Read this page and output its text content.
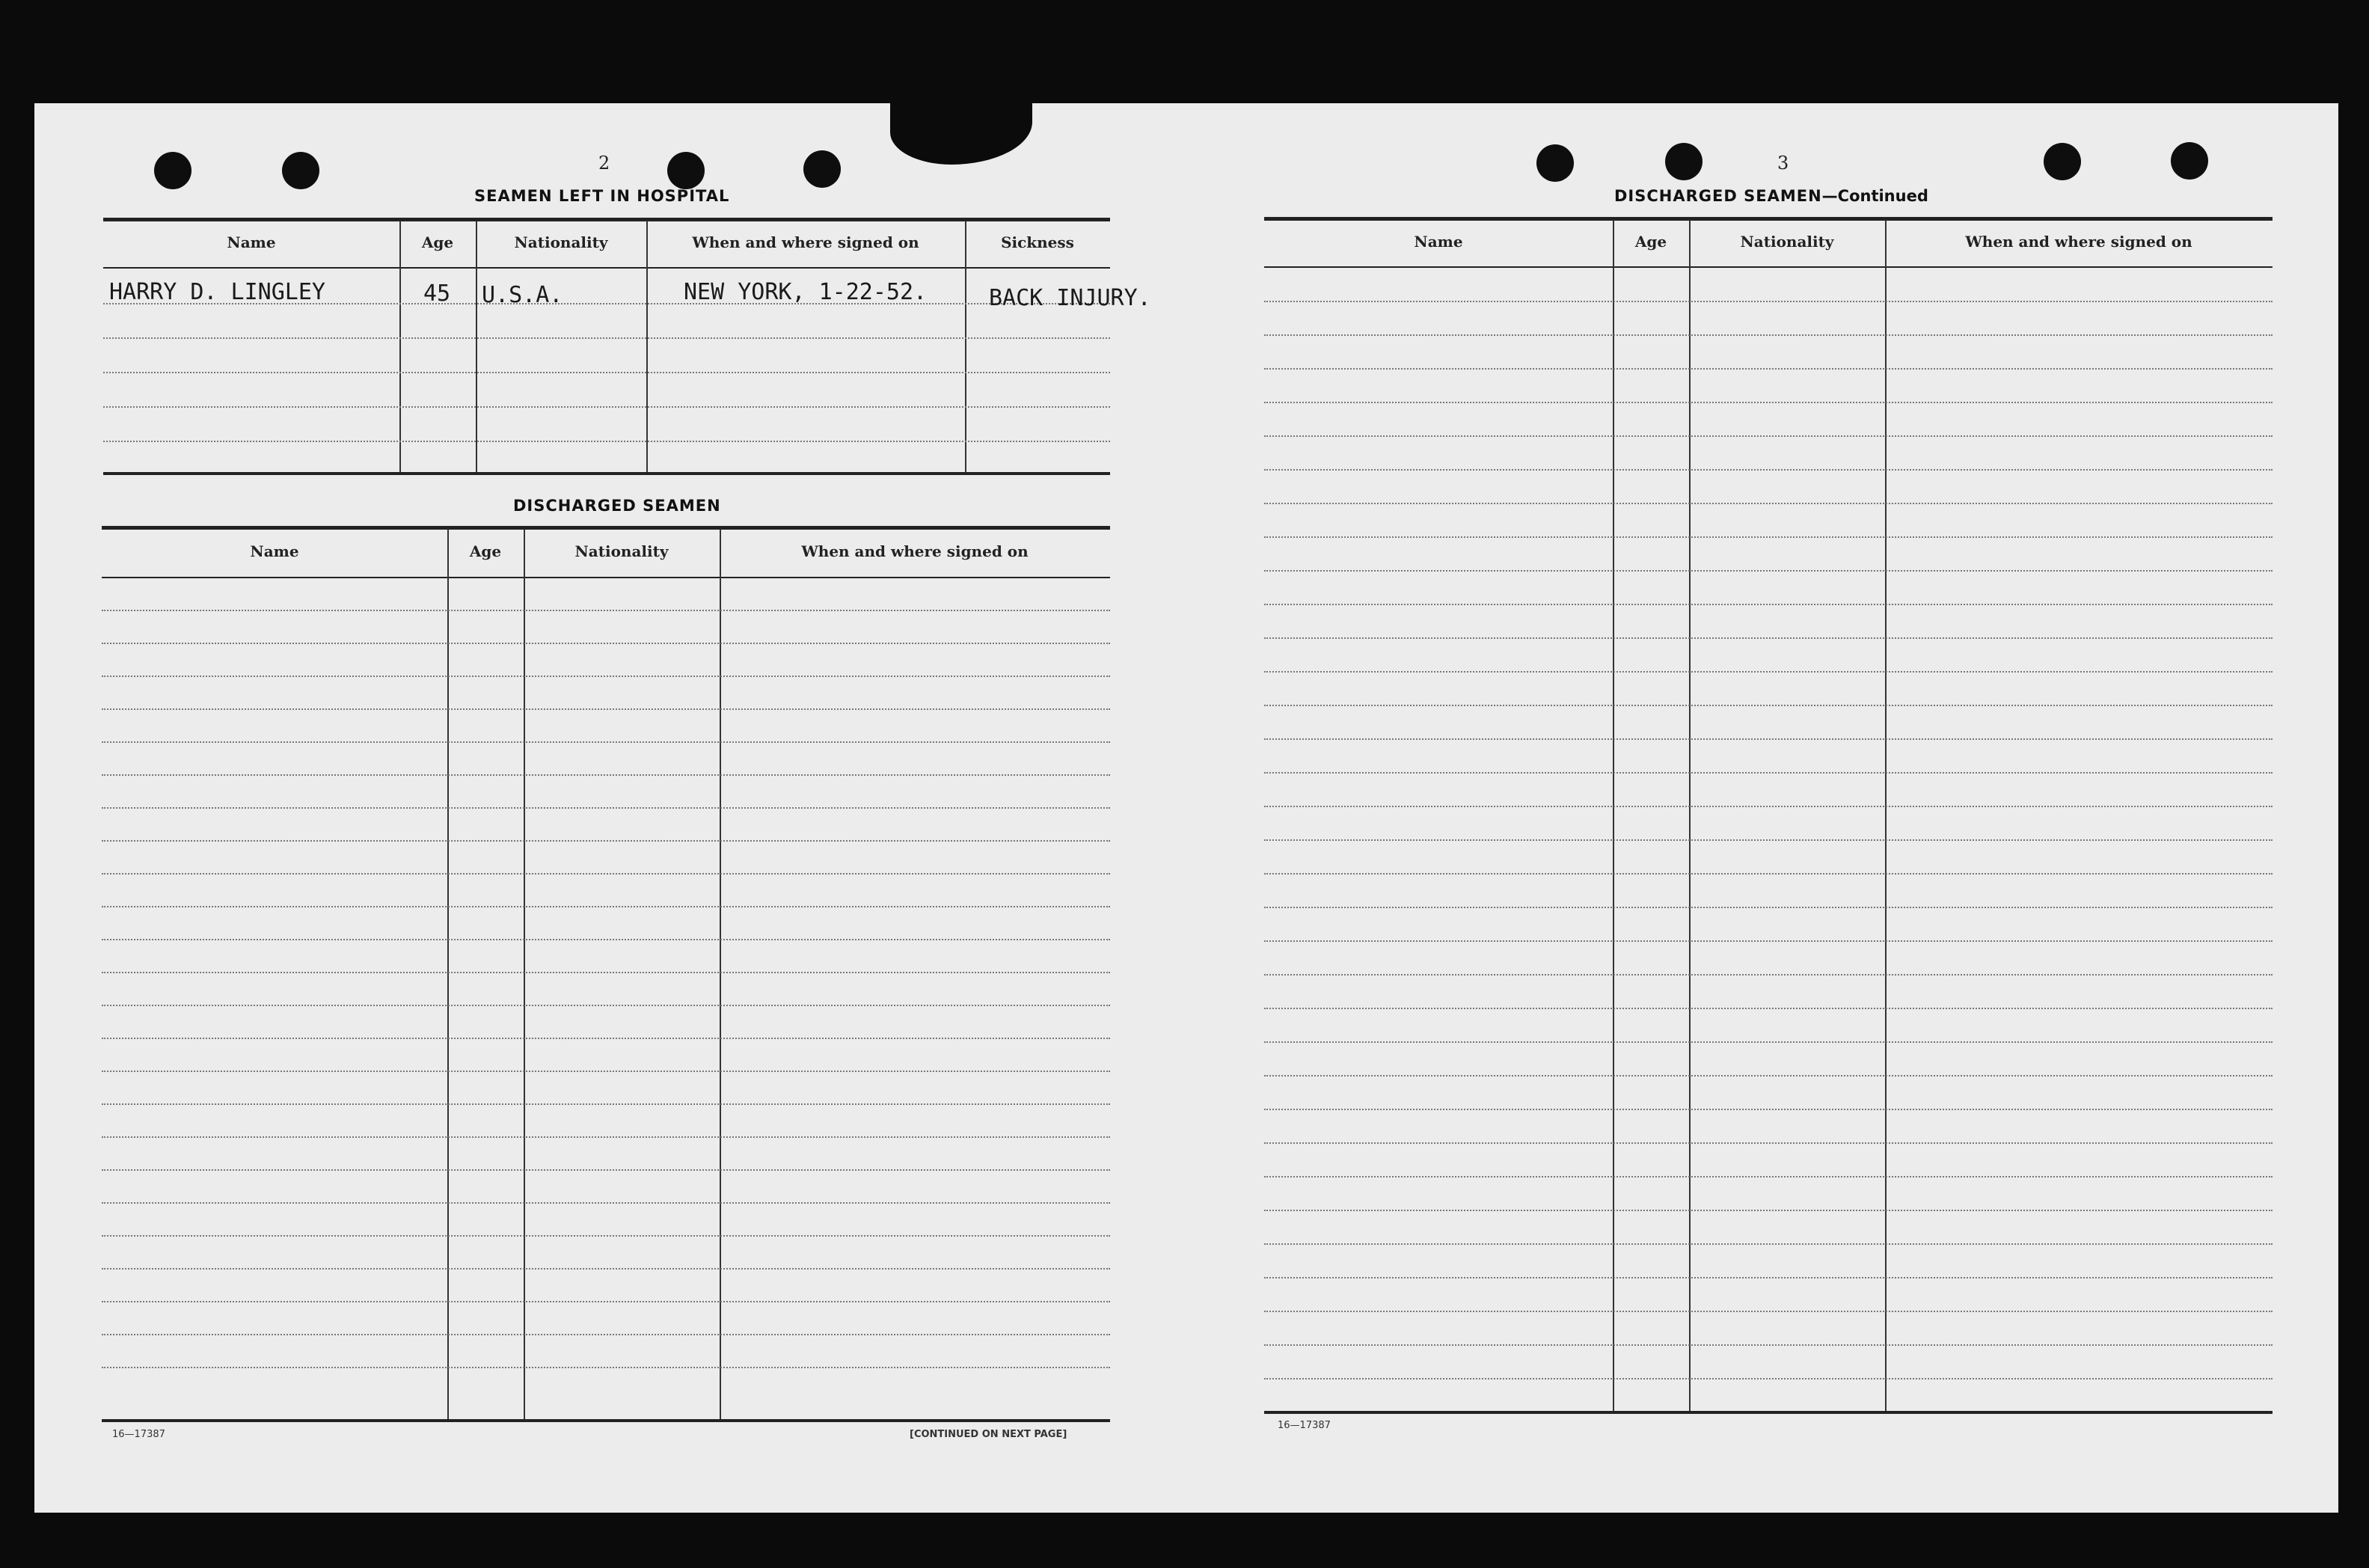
2
SEAMEN LEFT IN HOSPITAL
Name	Age	Nationality	When and where signed on	Sickness
HARRY D. LINGLEY	45 U.S.A.	NEW YORK, 1-22-52.	BACK INJURY.
DISCHARGED SEAMEN
Name	Age	Nationality	When and where signed on
16—17387	[CONTINUED ON NEXT PAGE]
3
DISCHARGED SEAMEN—Continued
Name	Age	Nationality	When and where signed on
16—17387
